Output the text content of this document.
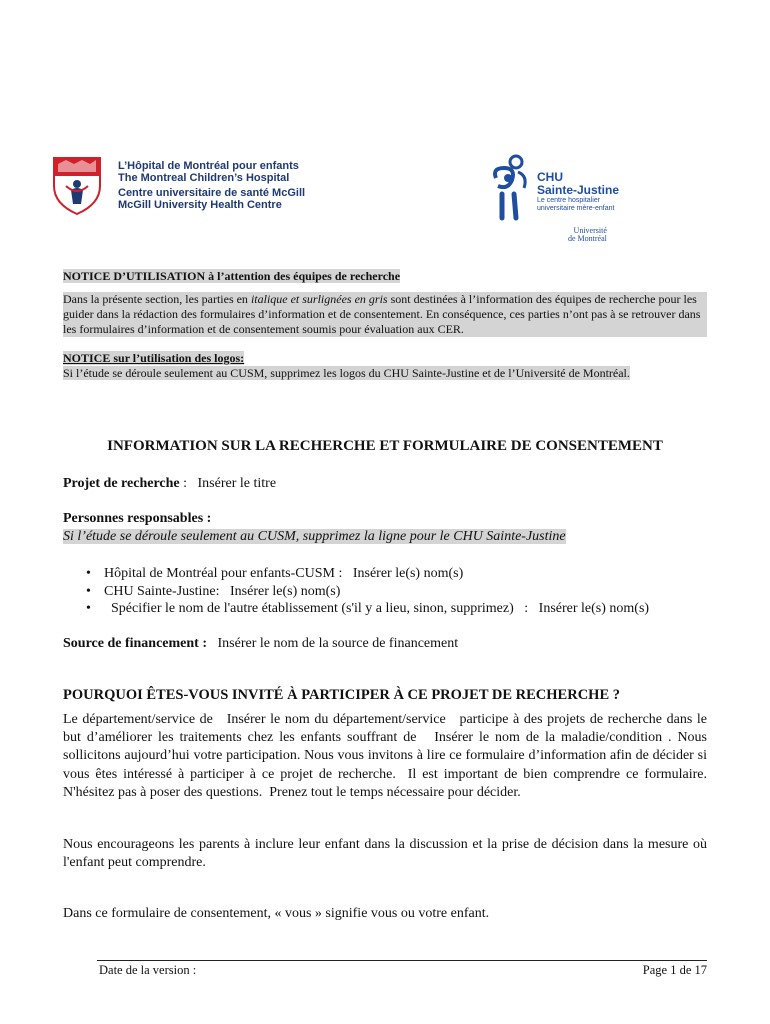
L’Hôpital de Montréal pour enfants
The Montreal Children’s Hospital
Centre universitaire de santé McGill
McGill University Health Centre
CHU
Sainte-Justine
Le centre hospitalier
universitaire mère-enfant
Université
de Montréal
NOTICE D’UTILISATION à l’attention des équipes de recherche
Dans la présente section, les parties en italique et surlignées en gris sont destinées à l’information des équipes de recherche pour les guider dans la rédaction des formulaires d’information et de consentement. En conséquence, ces parties n’ont pas à se retrouver dans les formulaires d’information et de consentement soumis pour évaluation aux CER.
NOTICE sur l’utilisation des logos:
Si l’étude se déroule seulement au CUSM, supprimez les logos du CHU Sainte-Justine et de l’Université de Montréal.
INFORMATION SUR LA RECHERCHE ET FORMULAIRE DE CONSENTEMENT
Projet de recherche :   Insérer le titre
Personnes responsables :
Si l’étude se déroule seulement au CUSM, supprimez la ligne pour le CHU Sainte-Justine
• Hôpital de Montréal pour enfants-CUSM :   Insérer le(s) nom(s)
• CHU Sainte-Justine:   Insérer le(s) nom(s)
•   Spécifier le nom de l'autre établissement (s'il y a lieu, sinon, supprimez)   :   Insérer le(s) nom(s)
Source de financement : Insérer le nom de la source de financement
POURQUOI ÊTES-VOUS INVITÉ À PARTICIPER À CE PROJET DE RECHERCHE ?
Le département/service de   Insérer le nom du département/service   participe à des projets de recherche dans le but d’améliorer les traitements chez les enfants souffrant de   Insérer le nom de la maladie/condition . Nous sollicitons aujourd’hui votre participation. Nous vous invitons à lire ce formulaire d’information afin de décider si vous êtes intéressé à participer à ce projet de recherche.  Il est important de bien comprendre ce formulaire.  N'hésitez pas à poser des questions.  Prenez tout le temps nécessaire pour décider.
Nous encourageons les parents à inclure leur enfant dans la discussion et la prise de décision dans la mesure où l'enfant peut comprendre.
Dans ce formulaire de consentement, « vous » signifie vous ou votre enfant.
Date de la version :	Page 1 de 17
